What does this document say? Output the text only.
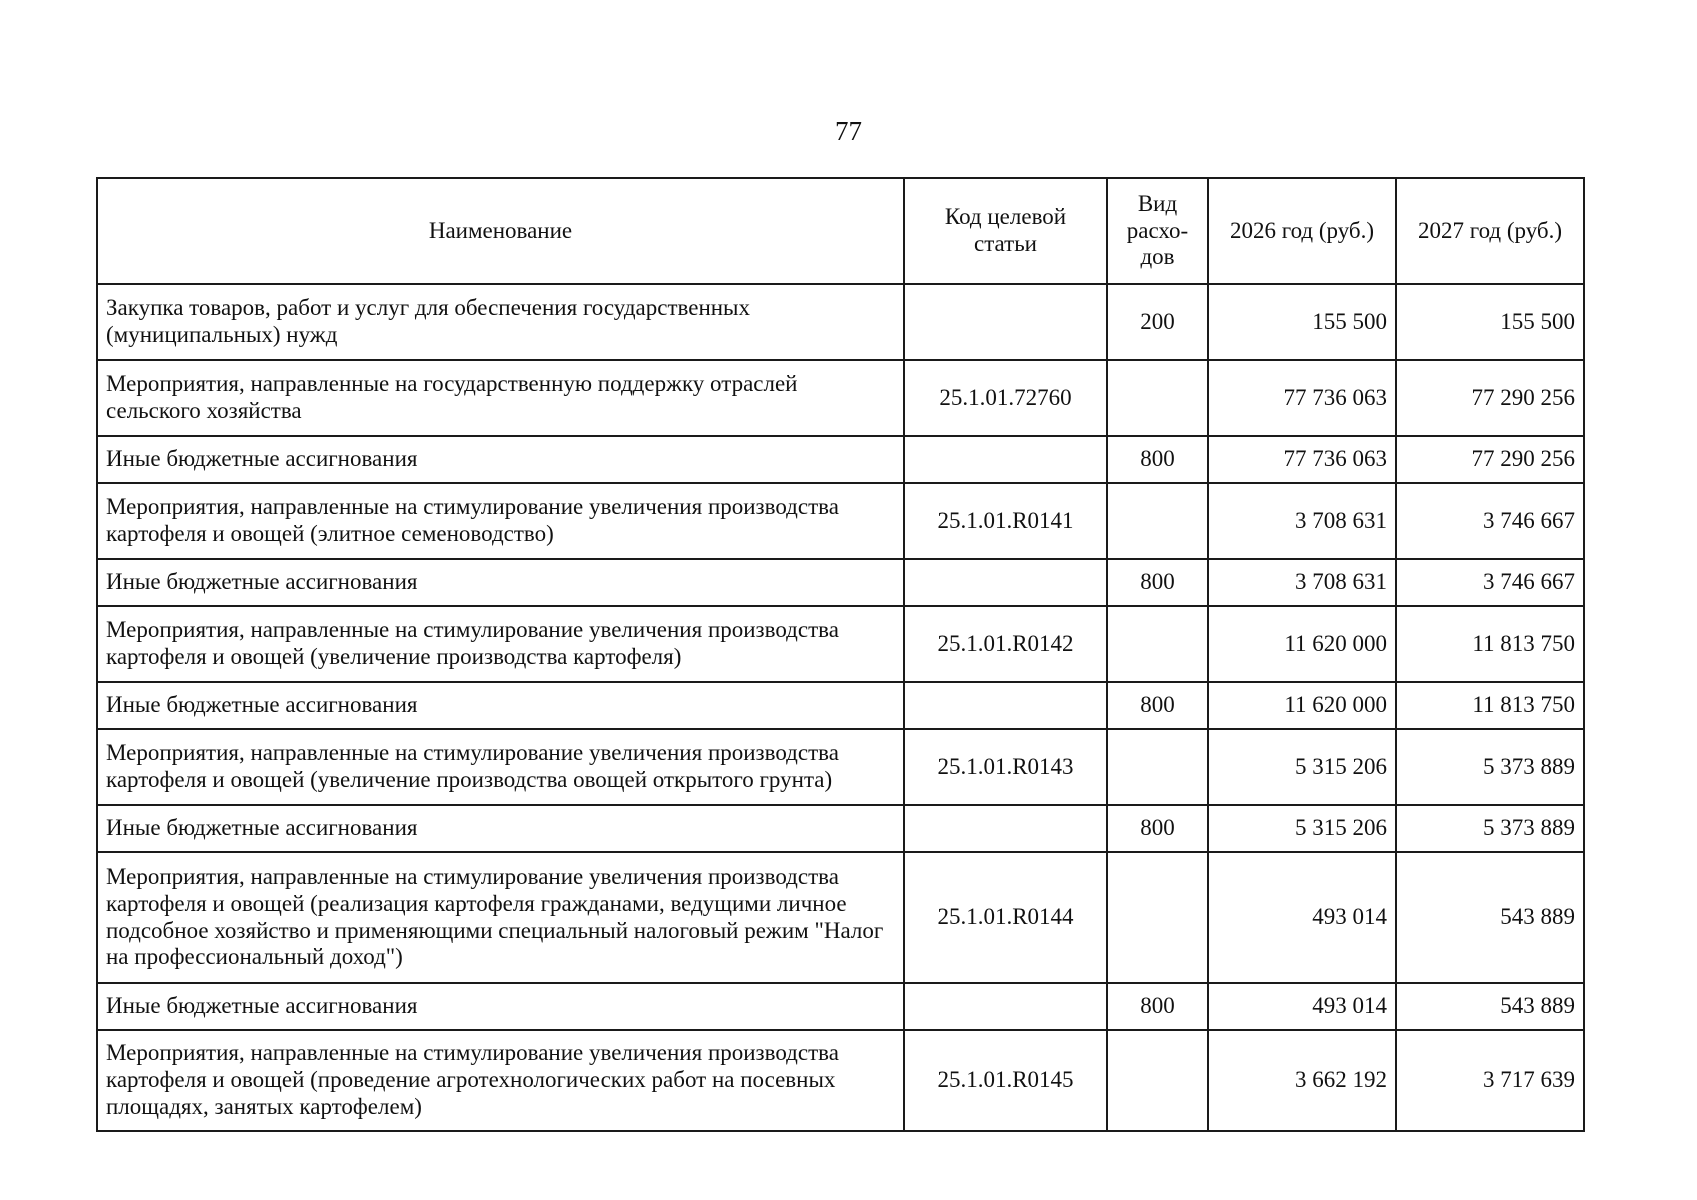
77
Наименование	Код целевой статьи	Вид расхо-дов	2026 год (руб.)	2027 год (руб.)
Закупка товаров, работ и услуг для обеспечения государственных (муниципальных) нужд		200	155 500	155 500
Мероприятия, направленные на государственную поддержку отраслей сельского хозяйства	25.1.01.72760		77 736 063	77 290 256
Иные бюджетные ассигнования		800	77 736 063	77 290 256
Мероприятия, направленные на стимулирование увеличения производства картофеля и овощей (элитное семеноводство)	25.1.01.R0141		3 708 631	3 746 667
Иные бюджетные ассигнования		800	3 708 631	3 746 667
Мероприятия, направленные на стимулирование увеличения производства картофеля и овощей (увеличение производства картофеля)	25.1.01.R0142		11 620 000	11 813 750
Иные бюджетные ассигнования		800	11 620 000	11 813 750
Мероприятия, направленные на стимулирование увеличения производства картофеля и овощей (увеличение производства овощей открытого грунта)	25.1.01.R0143		5 315 206	5 373 889
Иные бюджетные ассигнования		800	5 315 206	5 373 889
Мероприятия, направленные на стимулирование увеличения производства картофеля и овощей (реализация картофеля гражданами, ведущими личное подсобное хозяйство и применяющими специальный налоговый режим "Налог на профессиональный доход")	25.1.01.R0144		493 014	543 889
Иные бюджетные ассигнования		800	493 014	543 889
Мероприятия, направленные на стимулирование увеличения производства картофеля и овощей (проведение агротехнологических работ на посевных площадях, занятых картофелем)	25.1.01.R0145		3 662 192	3 717 639
